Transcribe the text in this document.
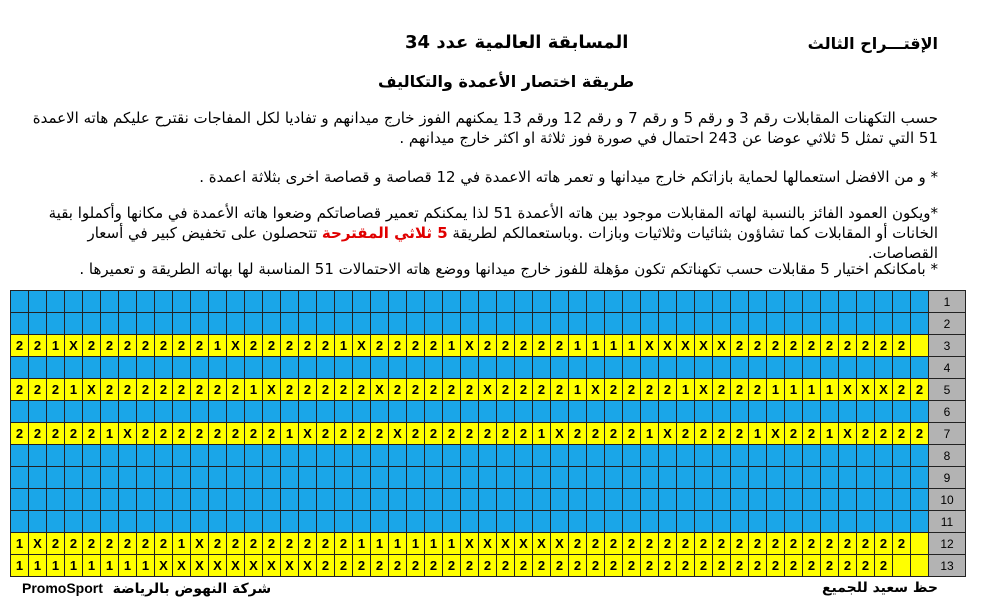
الإقتـــراح الثالث
المسابقة العالمية عدد 34
طريقة اختصار الأعمدة والتكاليف
حسب التكهنات المقابلات رقم 3 و رقم 5 و رقم 7 و رقم 12 ورقم 13 يمكنهم الفوز خارج ميدانهم و تفاديا لكل المفاجات نقترح عليكم هاته الاعمدة 51 التي تمثل 5 ثلاثي عوضا عن 243 احتمال في صورة فوز ثلاثة او اكثر خارج ميدانهم .
* و من الافضل استعمالها لحماية بازاتكم خارج ميدانها و تعمر هاته الاعمدة في 12 قصاصة و قصاصة اخرى بثلاثة اعمدة .
*ويكون العمود الفائز بالنسبة لهاته المقابلات موجود بين هاته الأعمدة 51 لذا يمكنكم تعمير قصاصاتكم وضعوا هاته الأعمدة في مكانها وأكملوا بقية الخانات أو المقابلات كما تشاؤون بثنائيات وثلاثيات وبازات .وباستعمالكم لطريقة 5 ثلاثي المقترحة تتحصلون على تخفيض كبير في أسعار القصاصات.
* بامكانكم اختيار 5 مقابلات حسب تكهناتكم تكون مؤهلة للفوز خارج ميدانها ووضع هاته الاحتمالات 51 المناسبة لها بهاته الطريقة و تعميرها .
																																																			1
																																																			2
2	2	1	X	2	2	2	2	2	2	2	1	X	2	2	2	2	2	1	X	2	2	2	2	1	X	2	2	2	2	2	1	1	1	1	X	X	X	X	X	2	2	2	2	2	2	2	2	2	2		3
																																																			4
2	2	2	1	X	2	2	2	2	2	2	2	2	1	X	2	2	2	2	2	X	2	2	2	2	2	X	2	2	2	2	1	X	2	2	2	2	1	X	2	2	2	1	1	1	1	X	X	X	2	2	5
																																																			6
2	2	2	2	2	1	X	2	2	2	2	2	2	2	2	1	X	2	2	2	2	X	2	2	2	2	2	2	2	1	X	2	2	2	2	1	X	2	2	2	2	1	X	2	2	1	X	2	2	2	2	7
																																																			8
																																																			9
																																																			10
																																																			11
1	X	2	2	2	2	2	2	2	1	X	2	2	2	2	2	2	2	2	1	1	1	1	1	1	X	X	X	X	X	X	2	2	2	2	2	2	2	2	2	2	2	2	2	2	2	2	2	2	2		12
1	1	1	1	1	1	1	1	X	X	X	X	X	X	X	X	X	2	2	2	2	2	2	2	2	2	2	2	2	2	2	2	2	2	2	2	2	2	2	2	2	2	2	2	2	2	2	2	2			13
شركة النهوض بالرياضة  PromoSport	حظ سعيد للجميع
